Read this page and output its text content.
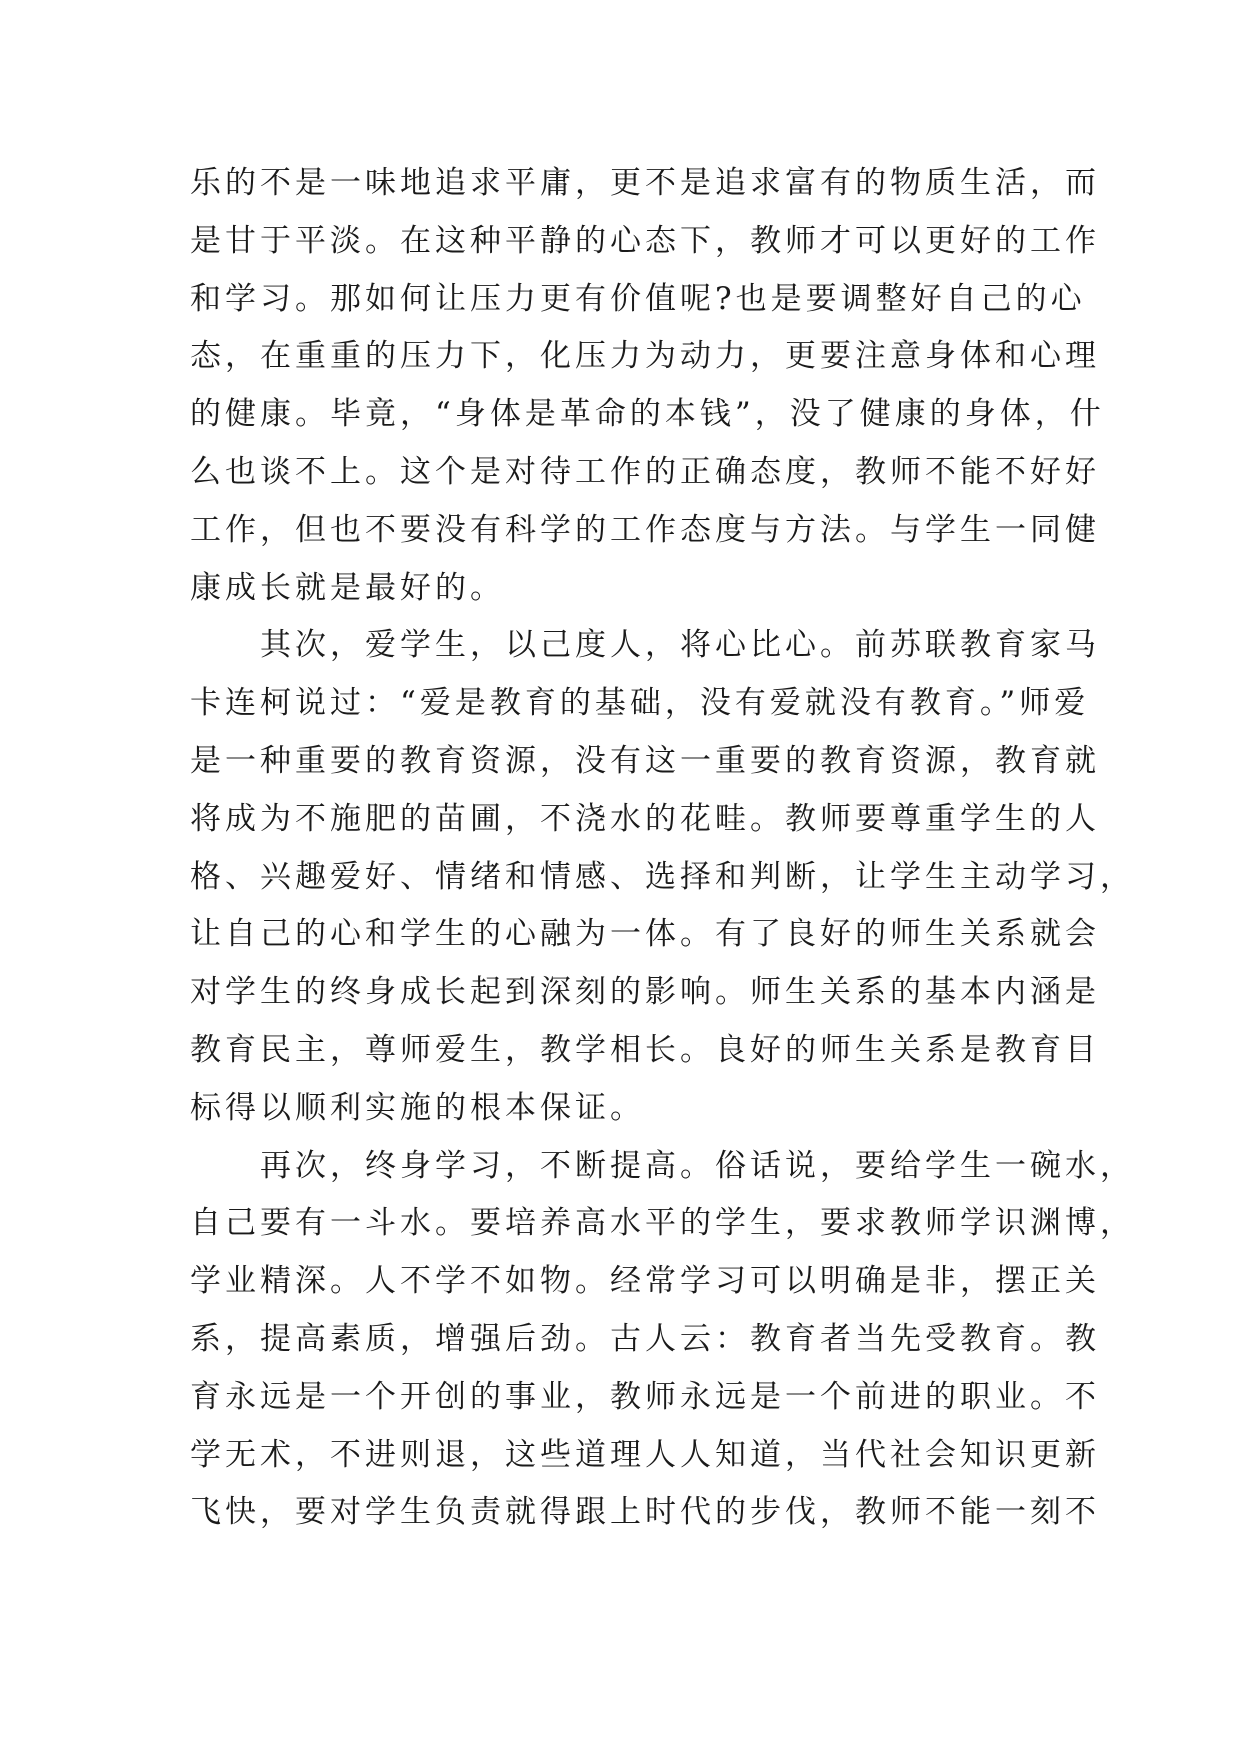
乐的不是一味地追求平庸，更不是追求富有的物质生活，而
是甘于平淡。在这种平静的心态下，教师才可以更好的工作
和学习。那如何让压力更有价值呢?也是要调整好自己的心
态，在重重的压力下，化压力为动力，更要注意身体和心理
的健康。毕竟，“身体是革命的本钱”，没了健康的身体，什
么也谈不上。这个是对待工作的正确态度，教师不能不好好
工作，但也不要没有科学的工作态度与方法。与学生一同健
康成长就是最好的。
其次，爱学生，以己度人，将心比心。前苏联教育家马
卡连柯说过：“爱是教育的基础，没有爱就没有教育。”师爱
是一种重要的教育资源，没有这一重要的教育资源，教育就
将成为不施肥的苗圃，不浇水的花畦。教师要尊重学生的人
格、兴趣爱好、情绪和情感、选择和判断，让学生主动学习，
让自己的心和学生的心融为一体。有了良好的师生关系就会
对学生的终身成长起到深刻的影响。师生关系的基本内涵是
教育民主，尊师爱生，教学相长。良好的师生关系是教育目
标得以顺利实施的根本保证。
再次，终身学习，不断提高。俗话说，要给学生一碗水，
自己要有一斗水。要培养高水平的学生，要求教师学识渊博，
学业精深。人不学不如物。经常学习可以明确是非，摆正关
系，提高素质，增强后劲。古人云：教育者当先受教育。教
育永远是一个开创的事业，教师永远是一个前进的职业。不
学无术，不进则退，这些道理人人知道，当代社会知识更新
飞快，要对学生负责就得跟上时代的步伐，教师不能一刻不
